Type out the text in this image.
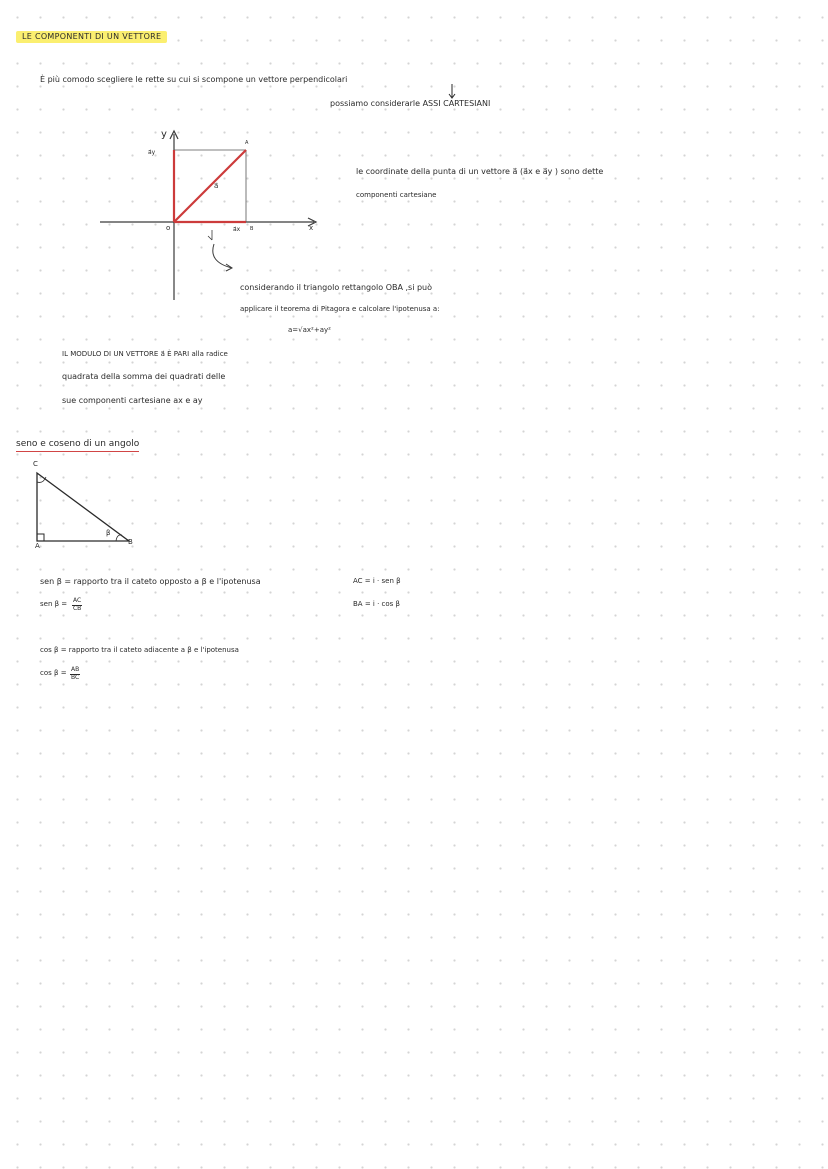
LE COMPONENTI DI UN VETTORE
È più comodo scegliere le rette su cui si scompone un vettore perpendicolari
possiamo considerarle ASSI CARTESIANI
y
x
o
A
B
a⃗
a⃗y
a⃗x
le coordinate della punta di un vettore a⃗ (a⃗x e a⃗y ) sono dette
componenti cartesiane
considerando il triangolo rettangolo OBA ,si può
applicare il teorema di Pitagora e calcolare l'ipotenusa a:
a=√ax²+ay²
IL MODULO DI UN VETTORE a⃗ È PARI alla radice
quadrata della somma dei quadrati delle
sue componenti cartesiane ax e ay
seno e coseno di un angolo
C
A	B
β
sen β = rapporto tra il cateto opposto a β e l'ipotenusa
sen $\beta = \frac{AC}{CB}$
AC = i · sen β
BA = i · cos β
cos β = rapporto tra il cateto adiacente a β e l'ipotenusa
$\cos \beta = \frac{AB}{BC}$
